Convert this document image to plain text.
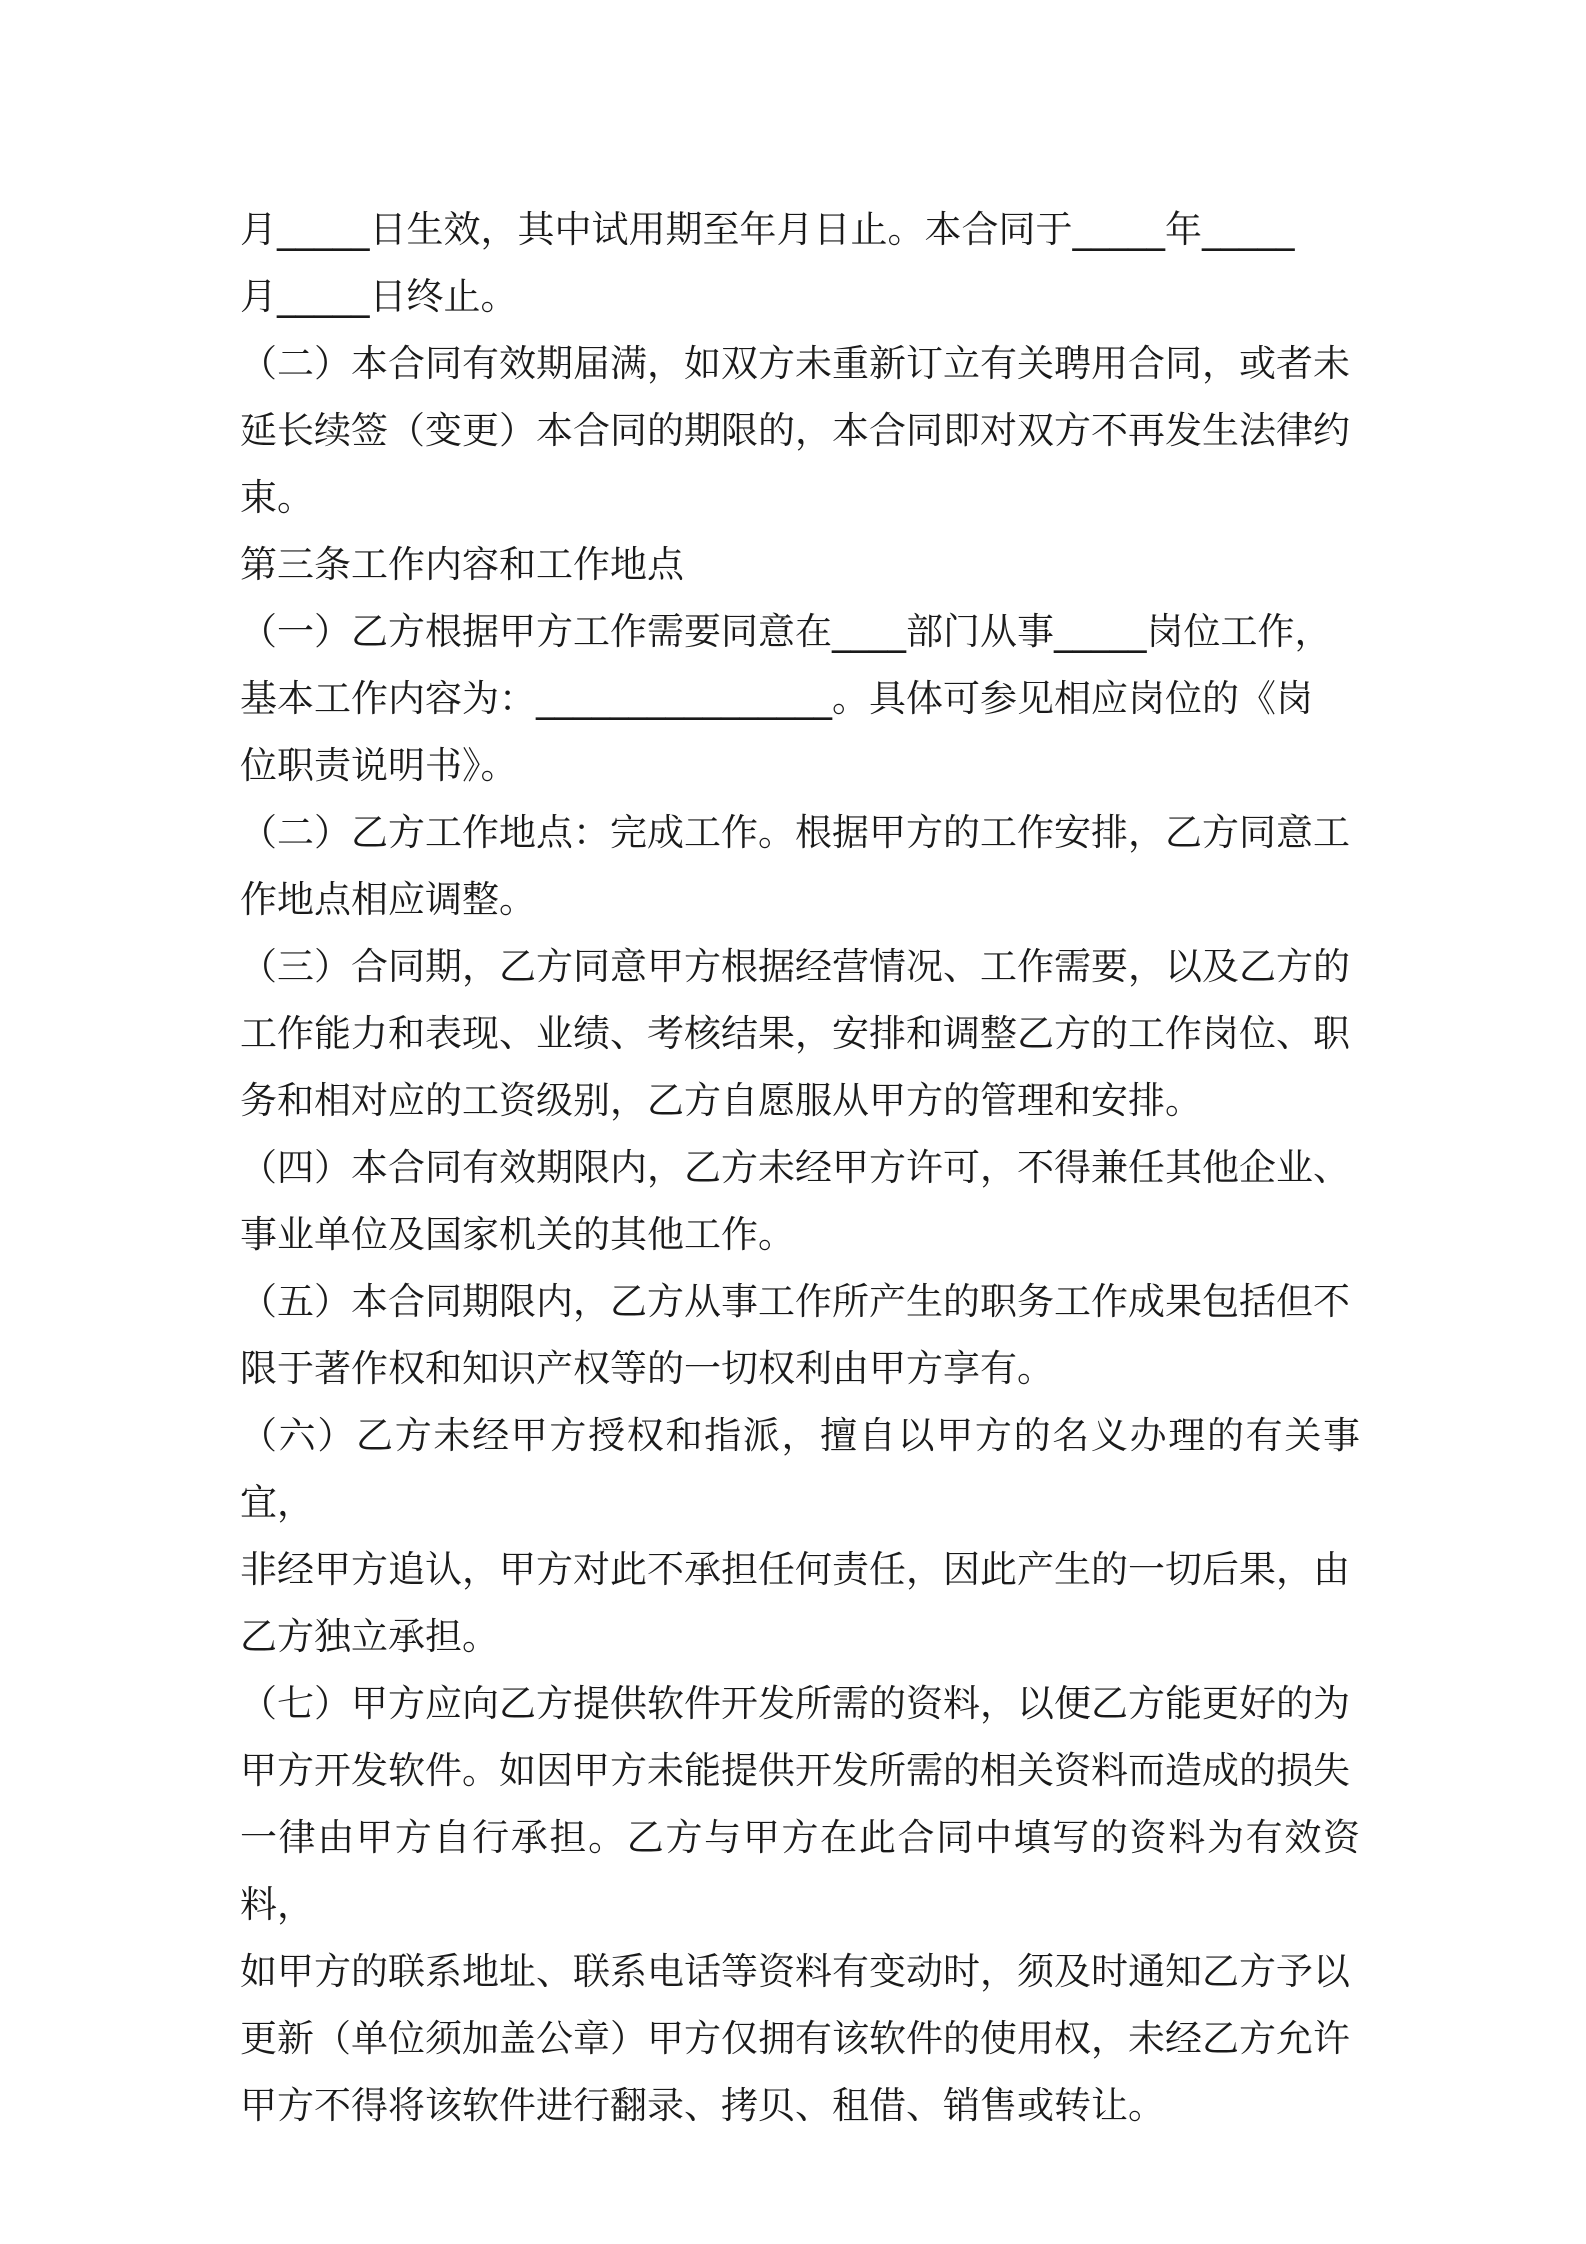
月_____日生效，其中试用期至年月日止。本合同于_____年_____

月_____日终止。

（二）本合同有效期届满，如双方未重新订立有关聘用合同，或者未

延长续签（变更）本合同的期限的，本合同即对双方不再发生法律约

束。

第三条工作内容和工作地点

（一）乙方根据甲方工作需要同意在____部门从事_____岗位工作，

基本工作内容为：________________。具体可参见相应岗位的《岗

位职责说明书》。

（二）乙方工作地点：完成工作。根据甲方的工作安排，乙方同意工

作地点相应调整。

（三）合同期，乙方同意甲方根据经营情况、工作需要，以及乙方的

工作能力和表现、业绩、考核结果，安排和调整乙方的工作岗位、职

务和相对应的工资级别，乙方自愿服从甲方的管理和安排。

（四）本合同有效期限内，乙方未经甲方许可，不得兼任其他企业、

事业单位及国家机关的其他工作。

（五）本合同期限内，乙方从事工作所产生的职务工作成果包括但不

限于著作权和知识产权等的一切权利由甲方享有。

（六）乙方未经甲方授权和指派，擅自以甲方的名义办理的有关事宜，

非经甲方追认，甲方对此不承担任何责任，因此产生的一切后果，由

乙方独立承担。

（七）甲方应向乙方提供软件开发所需的资料，以便乙方能更好的为

甲方开发软件。如因甲方未能提供开发所需的相关资料而造成的损失

一律由甲方自行承担。乙方与甲方在此合同中填写的资料为有效资料，

如甲方的联系地址、联系电话等资料有变动时，须及时通知乙方予以

更新（单位须加盖公章）甲方仅拥有该软件的使用权，未经乙方允许

甲方不得将该软件进行翻录、拷贝、租借、销售或转让。
